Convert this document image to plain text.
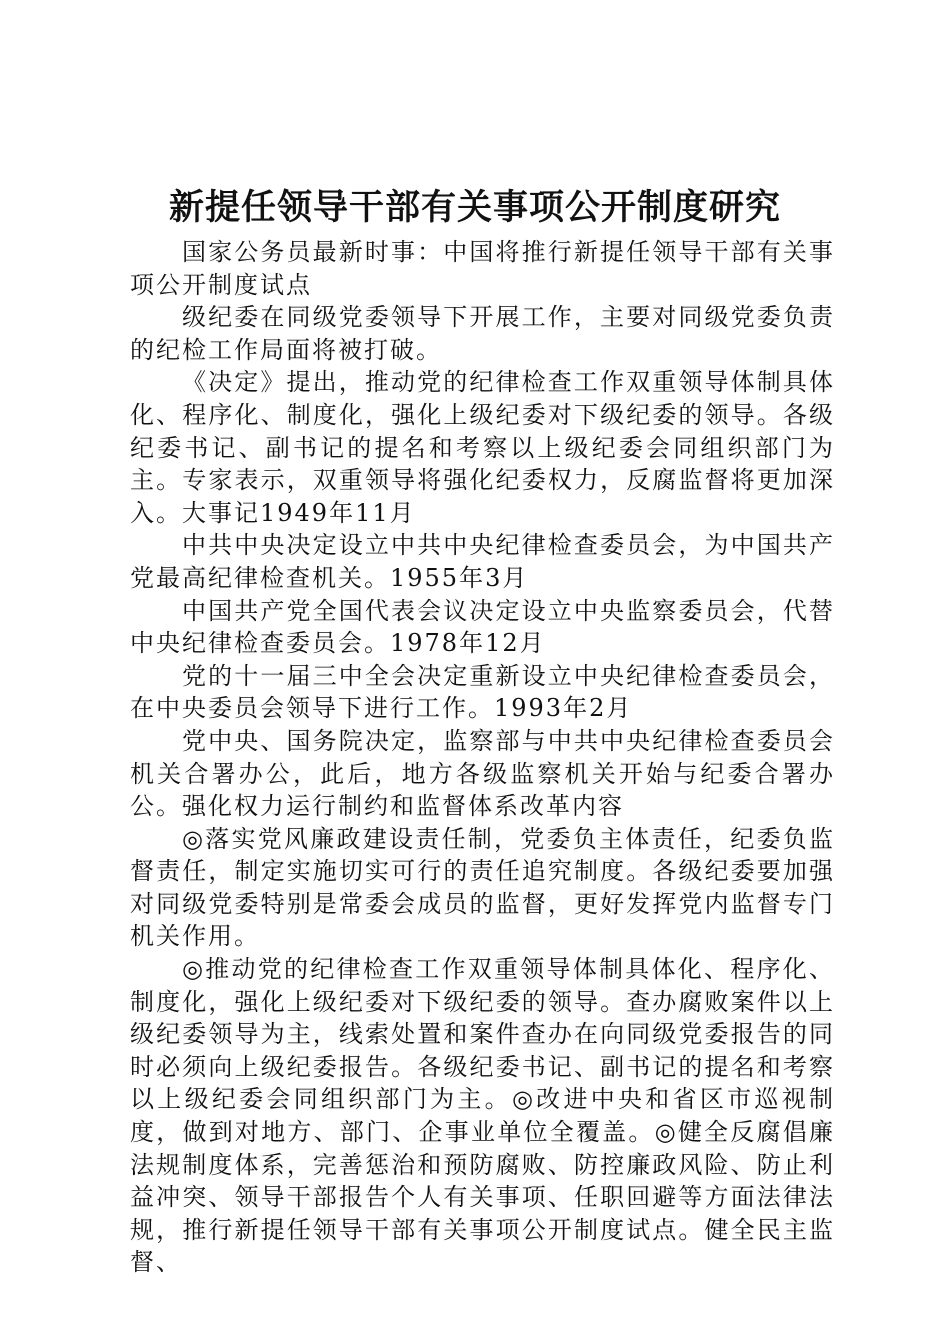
新提任领导干部有关事项公开制度研究

国家公务员最新时事：中国将推行新提任领导干部有关事项公开制度试点

级纪委在同级党委领导下开展工作，主要对同级党委负责的纪检工作局面将被打破。

《决定》提出，推动党的纪律检查工作双重领导体制具体化、程序化、制度化，强化上级纪委对下级纪委的领导。各级纪委书记、副书记的提名和考察以上级纪委会同组织部门为主。专家表示，双重领导将强化纪委权力，反腐监督将更加深入。大事记1949年11月

中共中央决定设立中共中央纪律检查委员会，为中国共产党最高纪律检查机关。1955年3月

中国共产党全国代表会议决定设立中央监察委员会，代替中央纪律检查委员会。1978年12月

党的十一届三中全会决定重新设立中央纪律检查委员会，在中央委员会领导下进行工作。1993年2月

党中央、国务院决定，监察部与中共中央纪律检查委员会机关合署办公，此后，地方各级监察机关开始与纪委合署办公。强化权力运行制约和监督体系改革内容

◎落实党风廉政建设责任制，党委负主体责任，纪委负监督责任，制定实施切实可行的责任追究制度。各级纪委要加强对同级党委特别是常委会成员的监督，更好发挥党内监督专门机关作用。

◎推动党的纪律检查工作双重领导体制具体化、程序化、制度化，强化上级纪委对下级纪委的领导。查办腐败案件以上级纪委领导为主，线索处置和案件查办在向同级党委报告的同时必须向上级纪委报告。各级纪委书记、副书记的提名和考察以上级纪委会同组织部门为主。◎改进中央和省区市巡视制度，做到对地方、部门、企事业单位全覆盖。◎健全反腐倡廉法规制度体系，完善惩治和预防腐败、防控廉政风险、防止利益冲突、领导干部报告个人有关事项、任职回避等方面法律法规，推行新提任领导干部有关事项公开制度试点。健全民主监督、
